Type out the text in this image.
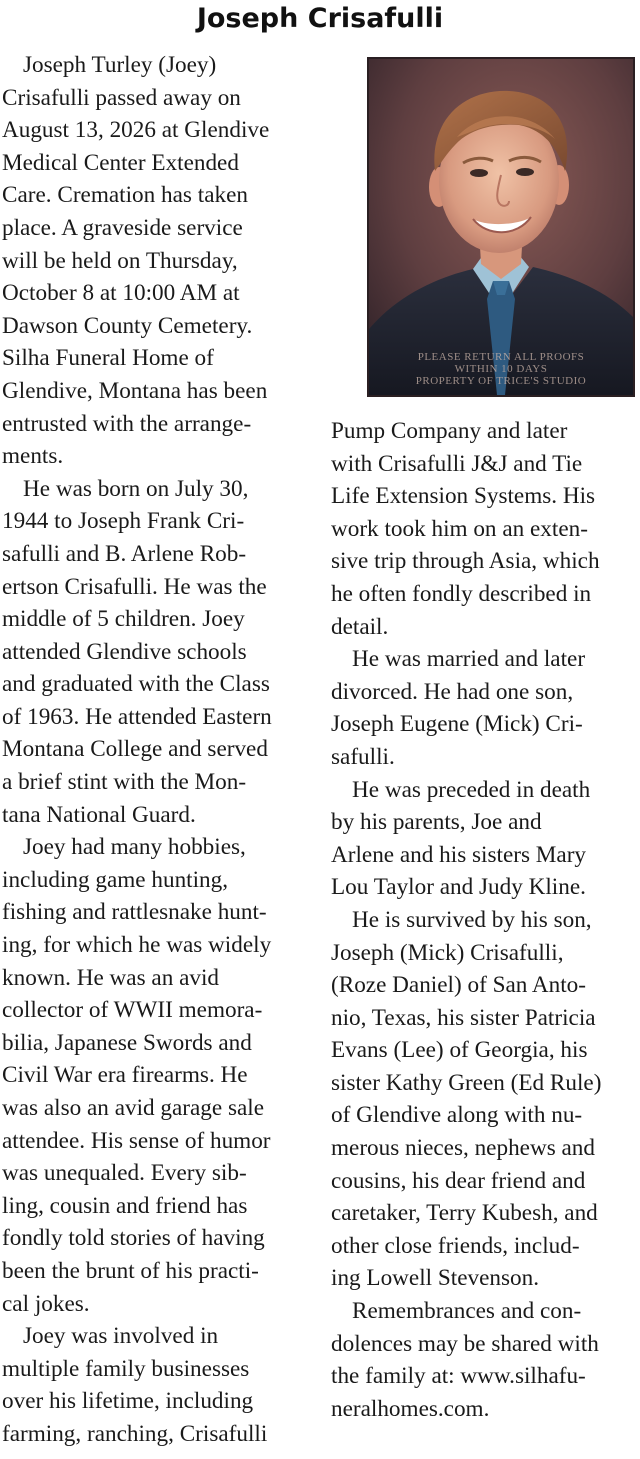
Joseph Crisafulli
Joseph Turley (Joey)
Crisafulli passed away on
August 13, 2026 at Glendive
Medical Center Extended
Care. Cremation has taken
place. A graveside service
will be held on Thursday,
October 8 at 10:00 AM at
Dawson County Cemetery.
Silha Funeral Home of
Glendive, Montana has been
entrusted with the arrange-
ments.
He was born on July 30,
1944 to Joseph Frank Cri-
safulli and B. Arlene Rob-
ertson Crisafulli. He was the
middle of 5 children. Joey
attended Glendive schools
and graduated with the Class
of 1963. He attended Eastern
Montana College and served
a brief stint with the Mon-
tana National Guard.
Joey had many hobbies,
including game hunting,
fishing and rattlesnake hunt-
ing, for which he was widely
known. He was an avid
collector of WWII memora-
bilia, Japanese Swords and
Civil War era firearms. He
was also an avid garage sale
attendee. His sense of humor
was unequaled. Every sib-
ling, cousin and friend has
fondly told stories of having
been the brunt of his practi-
cal jokes.
Joey was involved in
multiple family businesses
over his lifetime, including
farming, ranching, Crisafulli
PLEASE RETURN ALL PROOFS
WITHIN 10 DAYS
PROPERTY OF TRICE'S STUDIO
Pump Company and later
with Crisafulli J&J and Tie
Life Extension Systems. His
work took him on an exten-
sive trip through Asia, which
he often fondly described in
detail.
He was married and later
divorced. He had one son,
Joseph Eugene (Mick) Cri-
safulli.
He was preceded in death
by his parents, Joe and
Arlene and his sisters Mary
Lou Taylor and Judy Kline.
He is survived by his son,
Joseph (Mick) Crisafulli,
(Roze Daniel) of San Anto-
nio, Texas, his sister Patricia
Evans (Lee) of Georgia, his
sister Kathy Green (Ed Rule)
of Glendive along with nu-
merous nieces, nephews and
cousins, his dear friend and
caretaker, Terry Kubesh, and
other close friends, includ-
ing Lowell Stevenson.
Remembrances and con-
dolences may be shared with
the family at: www.silhafu-
neralhomes.com.
